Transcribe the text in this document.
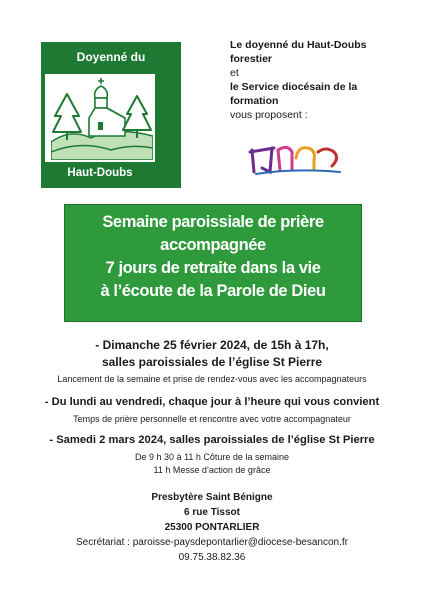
Doyenné du
Haut-Doubs

Le doyenné du Haut-Doubs

forestier

et

le Service diocésain de la

formation

vous proposent :

Semaine paroissiale de prière
accompagnée
7 jours de retraite dans la vie
à l’écoute de la Parole de Dieu
- Dimanche 25 février 2024, de 15h à 17h,
salles paroissiales de l’église St Pierre
Lancement de la semaine et prise de rendez-vous avec les accompagnateurs
- Du lundi au vendredi, chaque jour à l’heure qui vous convient
Temps de prière personnelle et rencontre avec votre accompagnateur
- Samedi 2 mars 2024, salles paroissiales de l’église St Pierre
De 9 h 30 à 11 h Côture de la semaine
11 h Messe d’action de grâce
Presbytère Saint Bénigne
6 rue Tissot
25300 PONTARLIER
Secrétariat : paroisse-paysdepontarlier@diocese-besancon.fr
09.75.38.82.36
